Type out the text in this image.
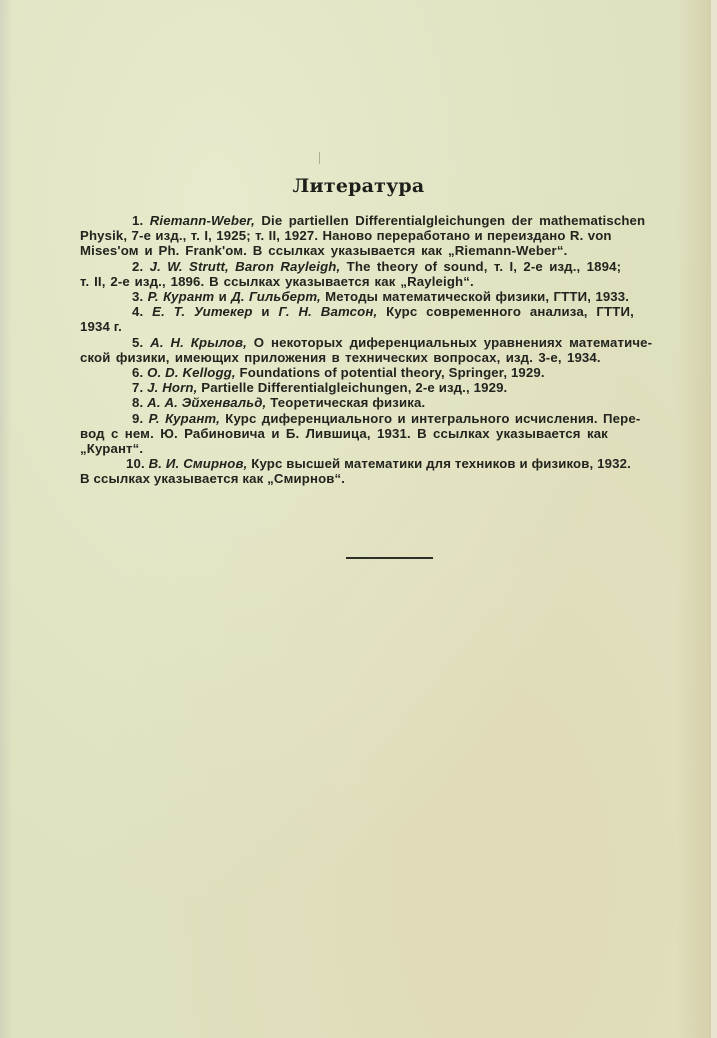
Литература
1. Riemann-Weber, Die partiellen Differentialgleichungen der mathematischen
Physik, 7-е изд., т. I, 1925; т. II, 1927. Наново переработано и переиздано R. von
Mises'ом и Ph. Frank'ом. В ссылках указывается как „Riemann-Weber“.
2. J. W. Strutt, Baron Rayleigh, The theory of sound, т. I, 2-е изд., 1894;
т. II, 2-е изд., 1896. В ссылках указывается как „Rayleigh“.
3. Р. Курант и Д. Гильберт, Методы математической физики, ГТТИ, 1933.
4. Е. Т. Уитекер и Г. Н. Ватсон, Курс современного анализа, ГТТИ,
1934 г.
5. А. Н. Крылов, О некоторых диференциальных уравнениях математиче-
ской физики, имеющих приложения в технических вопросах, изд. 3-е, 1934.
6. O. D. Kellogg, Foundations of potential theory, Springer, 1929.
7. J. Horn, Partielle Differentialgleichungen, 2-е изд., 1929.
8. А. А. Эйхенвальд, Теоретическая физика.
9. Р. Курант, Курс диференциального и интегрального исчисления. Пере-
вод с нем. Ю. Рабиновича и Б. Лившица, 1931. В ссылках указывается как
„Курант“.
10. В. И. Смирнов, Курс высшей математики для техников и физиков, 1932.
В ссылках указывается как „Смирнов“.
